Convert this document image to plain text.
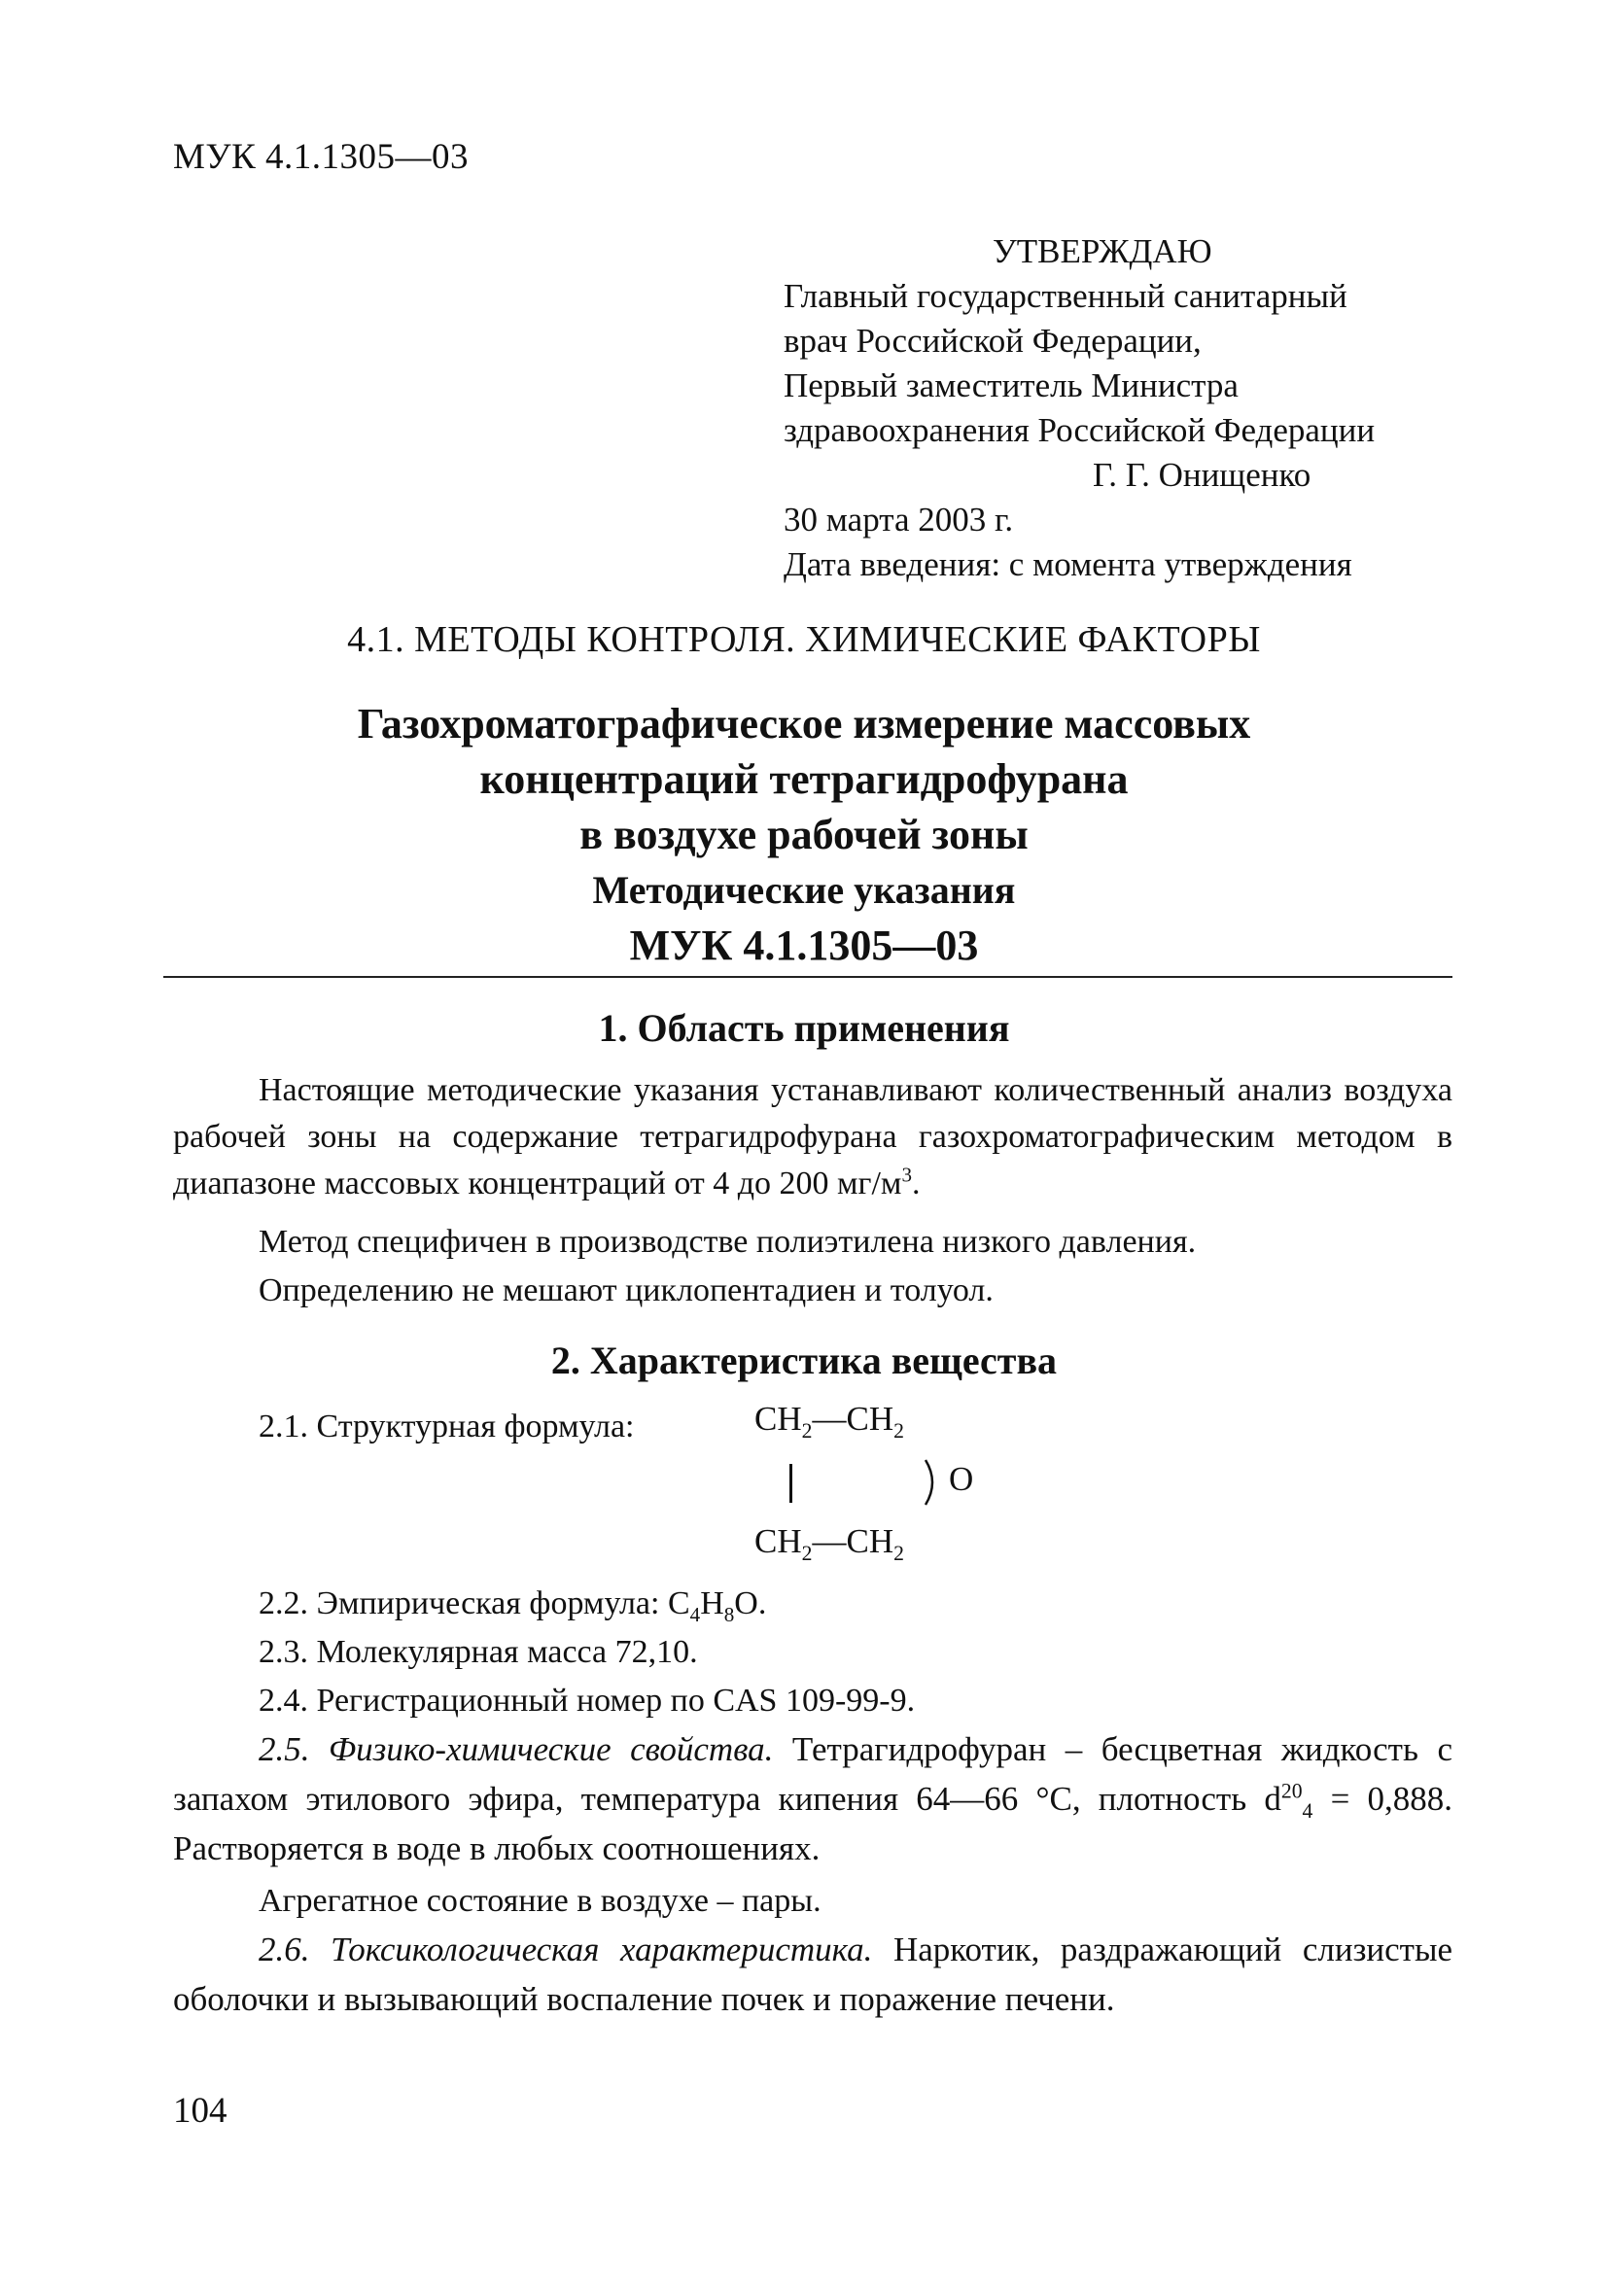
МУК 4.1.1305—03
УТВЕРЖДАЮ
Главный государственный санитарный
врач Российской Федерации,
Первый заместитель Министра
здравоохранения Российской Федерации
Г. Г. Онищенко
30 марта 2003 г.
Дата введения: с момента утверждения
4.1. МЕТОДЫ КОНТРОЛЯ. ХИМИЧЕСКИЕ ФАКТОРЫ
Газохроматографическое измерение массовых
концентраций тетрагидрофурана
в воздухе рабочей зоны
Методические указания
МУК 4.1.1305—03
1. Область применения
Настоящие методические указания устанавливают количественный анализ воздуха рабочей зоны на содержание тетрагидрофурана газохроматографическим методом в диапазоне массовых концентраций от 4 до 200 $мг/м^3$.
Метод специфичен в производстве полиэтилена низкого давления.
Определению не мешают циклопентадиен и толуол.
2. Характеристика вещества
2.1. Структурная формула:	$CH_2—CH_2$
O
$CH_2—CH_2$
2.2. Эмпирическая формула: $C_4H_8O$.
2.3. Молекулярная масса 72,10.
2.4. Регистрационный номер по CAS 109-99-9.
2.5. Физико-химические свойства. Тетрагидрофуран – бесцветная жидкость с запахом этилового эфира, температура кипения 64—66 °С, плотность $d^{20}_4 = 0,888$. Растворяется в воде в любых соотношениях.
Агрегатное состояние в воздухе – пары.
2.6. Токсикологическая характеристика. Наркотик, раздражающий слизистые оболочки и вызывающий воспаление почек и поражение печени.
104
